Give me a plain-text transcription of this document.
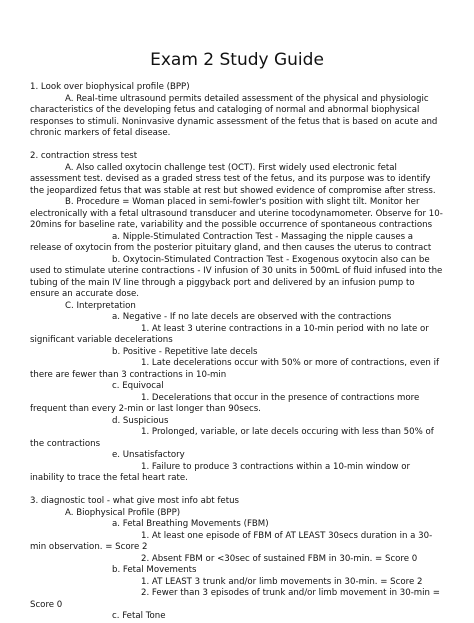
Exam 2 Study Guide

1. Look over biophysical profile (BPP)

A. Real-time ultrasound permits detailed assessment of the physical and physiologic characteristics of the developing fetus and cataloging of normal and abnormal biophysical responses to stimuli. Noninvasive dynamic assessment of the fetus that is based on acute and chronic markers of fetal disease.

2. contraction stress test

A. Also called oxytocin challenge test (OCT). First widely used electronic fetal assessment test. devised as a graded stress test of the fetus, and its purpose was to identify the jeopardized fetus that was stable at rest but showed evidence of compromise after stress.

B. Procedure = Woman placed in semi-fowler's position with slight tilt. Monitor her electronically with a fetal ultrasound transducer and uterine tocodynamometer. Observe for 10-20mins for baseline rate, variability and the possible occurrence of spontaneous contractions

a. Nipple-Stimulated Contraction Test - Massaging the nipple causes a release of oxytocin from the posterior pituitary gland, and then causes the uterus to contract

b. Oxytocin-Stimulated Contraction Test - Exogenous oxytocin also can be used to stimulate uterine contractions - IV infusion of 30 units in 500mL of fluid infused into the tubing of the main IV line through a piggyback port and delivered by an infusion pump to ensure an accurate dose.

C. Interpretation

a. Negative - If no late decels are observed with the contractions

1. At least 3 uterine contractions in a 10-min period with no late or significant variable decelerations

b. Positive - Repetitive late decels

1. Late decelerations occur with 50% or more of contractions, even if there are fewer than 3 contractions in 10-min

c. Equivocal

1. Decelerations that occur in the presence of contractions more frequent than every 2-min or last longer than 90secs.

d. Suspicious

1. Prolonged, variable, or late decels occuring with less than 50% of the contractions

e. Unsatisfactory

1. Failure to produce 3 contractions within a 10-min window or inability to trace the fetal heart rate.

3. diagnostic tool - what give most info abt fetus

A. Biophysical Profile (BPP)

a. Fetal Breathing Movements (FBM)

1. At least one episode of FBM of AT LEAST 30secs duration in a 30-min observation. = Score 2

2. Absent FBM or <30sec of sustained FBM in 30-min. = Score 0

b. Fetal Movements

1. AT LEAST 3 trunk and/or limb movements in 30-min. = Score 2

2. Fewer than 3 episodes of trunk and/or limb movement in 30-min = Score 0

c. Fetal Tone
